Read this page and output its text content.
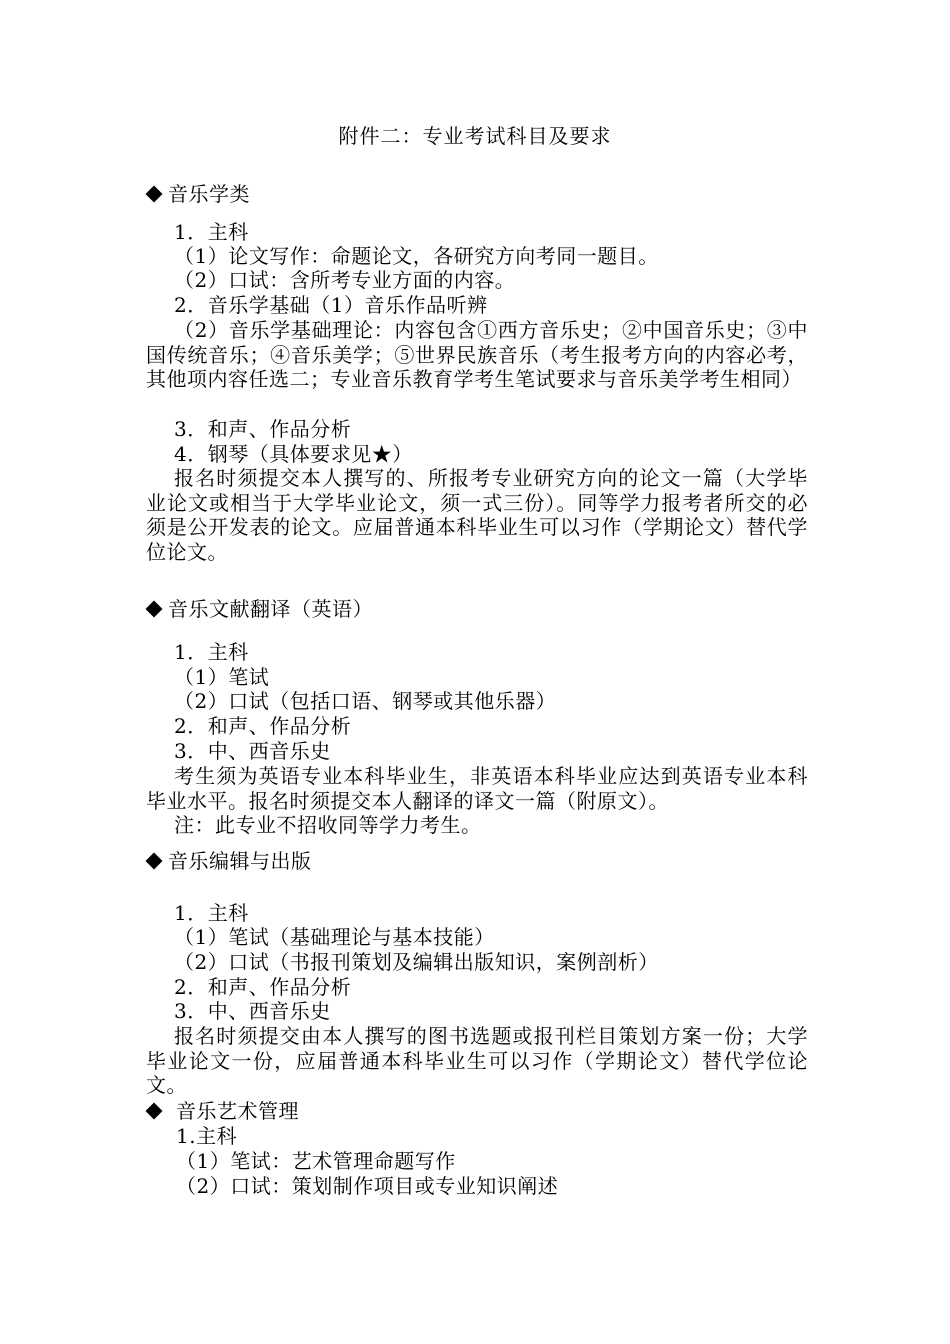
附件二：专业考试科目及要求
音乐学类
1．主科
（1）论文写作：命题论文，各研究方向考同一题目。
（2）口试：含所考专业方面的内容。
2．音乐学基础（1）音乐作品听辨
（2）音乐学基础理论：内容包含①西方音乐史；②中国音乐史；③中国传统音乐；④音乐美学；⑤世界民族音乐（考生报考方向的内容必考，其他项内容任选二；专业音乐教育学考生笔试要求与音乐美学考生相同）
3．和声、作品分析
4．钢琴（具体要求见★）
报名时须提交本人撰写的、所报考专业研究方向的论文一篇（大学毕业论文或相当于大学毕业论文，须一式三份）。同等学力报考者所交的必须是公开发表的论文。应届普通本科毕业生可以习作（学期论文）替代学位论文。
音乐文献翻译（英语）
1．主科
（1）笔试
（2）口试（包括口语、钢琴或其他乐器）
2．和声、作品分析
3．中、西音乐史
考生须为英语专业本科毕业生，非英语本科毕业应达到英语专业本科毕业水平。报名时须提交本人翻译的译文一篇（附原文）。
注：此专业不招收同等学力考生。
音乐编辑与出版
1．主科
（1）笔试（基础理论与基本技能）
（2）口试（书报刊策划及编辑出版知识，案例剖析）
2．和声、作品分析
3．中、西音乐史
报名时须提交由本人撰写的图书选题或报刊栏目策划方案一份；大学毕业论文一份，应届普通本科毕业生可以习作（学期论文）替代学位论文。
音乐艺术管理
1.主科
（1）笔试：艺术管理命题写作
（2）口试：策划制作项目或专业知识阐述
